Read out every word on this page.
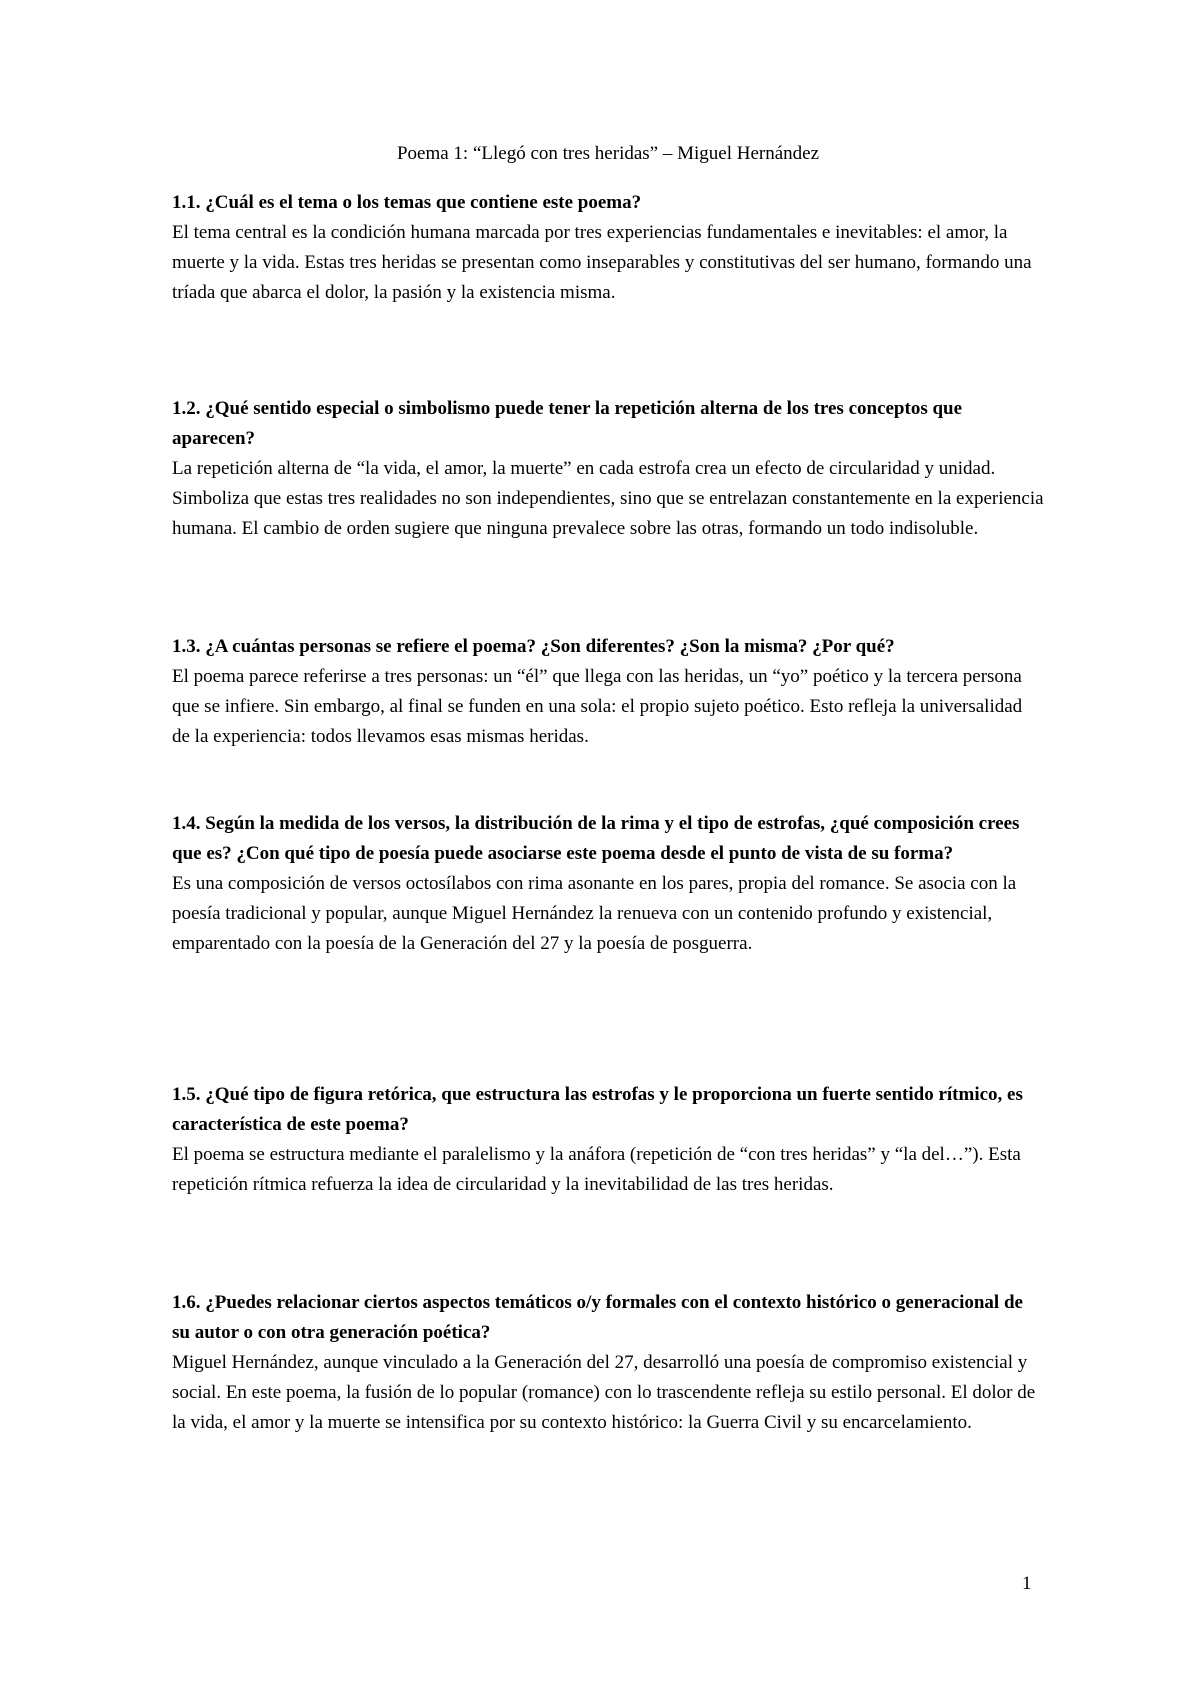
Poema 1: “Llegó con tres heridas” – Miguel Hernández

1.1. ¿Cuál es el tema o los temas que contiene este poema?

El tema central es la condición humana marcada por tres experiencias fundamentales e inevitables: el amor, la muerte y la vida. Estas tres heridas se presentan como inseparables y constitutivas del ser humano, formando una tríada que abarca el dolor, la pasión y la existencia misma.

1.2. ¿Qué sentido especial o simbolismo puede tener la repetición alterna de los tres conceptos que aparecen?

La repetición alterna de “la vida, el amor, la muerte” en cada estrofa crea un efecto de circularidad y unidad. Simboliza que estas tres realidades no son independientes, sino que se entrelazan constantemente en la experiencia humana. El cambio de orden sugiere que ninguna prevalece sobre las otras, formando un todo indisoluble.

1.3. ¿A cuántas personas se refiere el poema? ¿Son diferentes? ¿Son la misma? ¿Por qué?

El poema parece referirse a tres personas: un “él” que llega con las heridas, un “yo” poético y la tercera persona que se infiere. Sin embargo, al final se funden en una sola: el propio sujeto poético. Esto refleja la universalidad de la experiencia: todos llevamos esas mismas heridas.

1.4. Según la medida de los versos, la distribución de la rima y el tipo de estrofas, ¿qué composición crees que es? ¿Con qué tipo de poesía puede asociarse este poema desde el punto de vista de su forma?

Es una composición de versos octosílabos con rima asonante en los pares, propia del romance. Se asocia con la poesía tradicional y popular, aunque Miguel Hernández la renueva con un contenido profundo y existencial, emparentado con la poesía de la Generación del 27 y la poesía de posguerra.

1.5. ¿Qué tipo de figura retórica, que estructura las estrofas y le proporciona un fuerte sentido rítmico, es característica de este poema?

El poema se estructura mediante el paralelismo y la anáfora (repetición de “con tres heridas” y “la del…”). Esta repetición rítmica refuerza la idea de circularidad y la inevitabilidad de las tres heridas.

1.6. ¿Puedes relacionar ciertos aspectos temáticos o/y formales con el contexto histórico o generacional de su autor o con otra generación poética?

Miguel Hernández, aunque vinculado a la Generación del 27, desarrolló una poesía de compromiso existencial y social. En este poema, la fusión de lo popular (romance) con lo trascendente refleja su estilo personal. El dolor de la vida, el amor y la muerte se intensifica por su contexto histórico: la Guerra Civil y su encarcelamiento.

1
